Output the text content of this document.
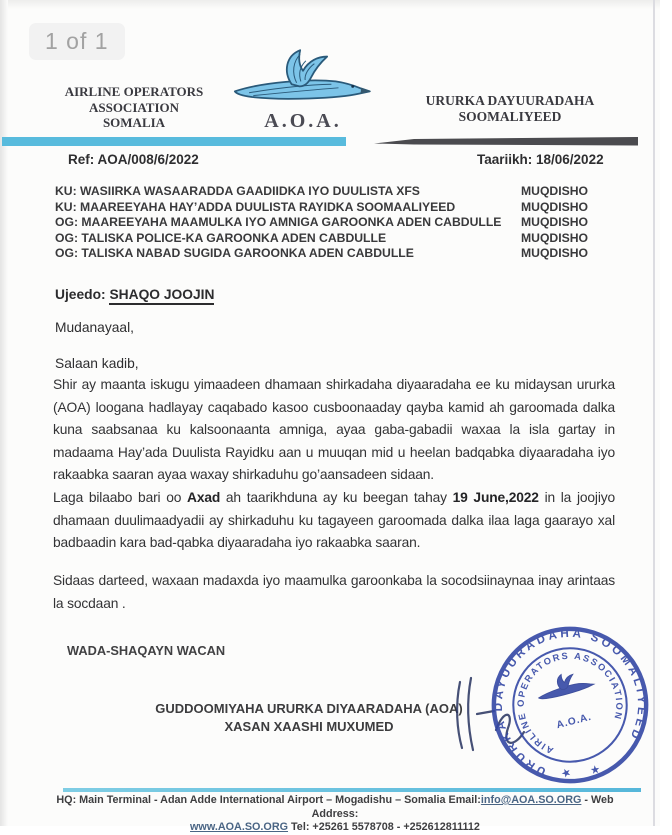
1 of 1
AIRLINE OPERATORS
ASSOCIATION
SOMALIA	A.O.A.
URURKA DAYUURADAHA
SOOMALIYEED
Ref: AOA/008/6/2022	Taariikh: 18/06/2022
KU: WASIIRKA WASAARADDA GAADIIDKA IYO DUULISTA XFS	MUQDISHO
KU: MAAREEYAHA HAY’ADDA DUULISTA RAYIDKA SOOMAALIYEED	MUQDISHO
OG: MAAREEYAHA MAAMULKA IYO AMNIGA GAROONKA ADEN CABDULLE	MUQDISHO
OG: TALISKA POLICE-KA GAROONKA ADEN CABDULLE	MUQDISHO
OG: TALISKA NABAD SUGIDA GAROONKA ADEN CABDULLE	MUQDISHO
Ujeedo: SHAQO JOOJIN
Mudanayaal,
Salaan kadib,
Shir ay maanta iskugu yimaadeen dhamaan shirkadaha diyaaradaha ee ku midaysan ururka (AOA) loogana hadlayay caqabado kasoo cusboonaaday qayba kamid ah garoomada dalka kuna saabsanaa ku kalsoonaanta amniga, ayaa gaba-gabadii waxaa la isla gartay in madaama Hay’ada Duulista Rayidku aan u muuqan mid u heelan badqabka diyaaradaha iyo rakaabka saaran ayaa waxay shirkaduhu go’aansadeen sidaan.
Laga bilaabo bari oo Axad ah taarikhduna ay ku beegan tahay 19 June,2022 in la joojiyo dhamaan duulimaadyadii ay shirkaduhu ku tagayeen garoomada dalka ilaa laga gaarayo xal badbaadin kara bad-qabka diyaaradaha iyo rakaabka saaran.
Sidaas darteed, waxaan madaxda iyo maamulka garoonkaba la socodsiinaynaa inay arintaas la socdaan .
WADA-SHAQAYN WACAN
GUDDOOMIYAHA URURKA DIYAARADAHA (AOA)
XASAN XAASHI MUXUMED
URURKA DAYUURADAHA SOOMALIYEED
AIRLINE OPERATORS ASSOCIATION
★ ★
A.O.A.
HQ: Main Terminal - Adan Adde International Airport – Mogadishu – Somalia Email:info@AOA.SO.ORG - Web Address:
www.AOA.SO.ORG Tel: +25261 5578708 - +252612811112
